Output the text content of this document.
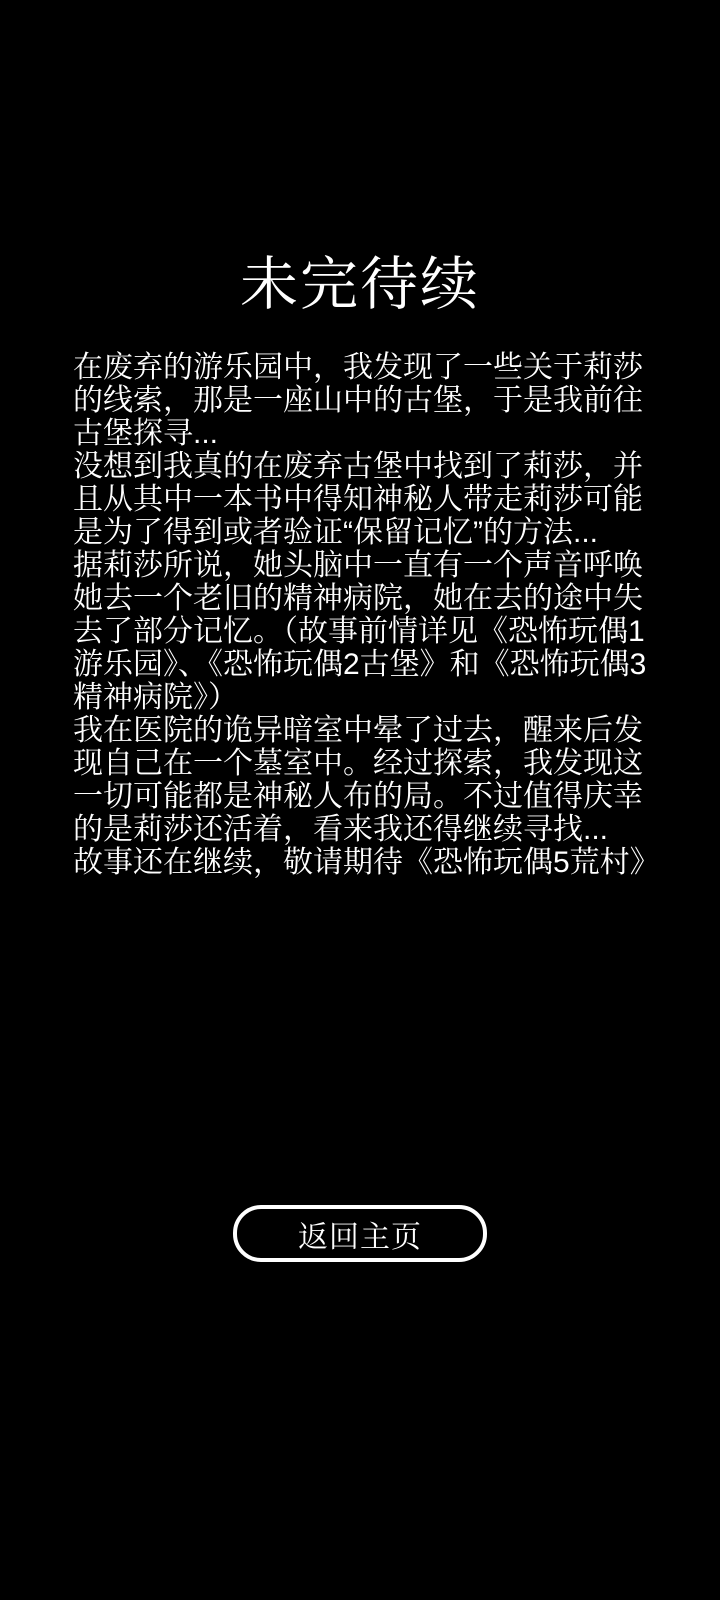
未完待续

在废弃的游乐园中，我发现了一些关于莉莎的线索，那是一座山中的古堡，于是我前往古堡探寻...

没想到我真的在废弃古堡中找到了莉莎，并且从其中一本书中得知神秘人带走莉莎可能是为了得到或者验证“保留记忆”的方法...

据莉莎所说，她头脑中一直有一个声音呼唤她去一个老旧的精神病院，她在去的途中失去了部分记忆。（故事前情详见《恐怖玩偶1游乐园》、《恐怖玩偶2古堡》和《恐怖玩偶3精神病院》）

我在医院的诡异暗室中晕了过去，醒来后发现自己在一个墓室中。经过探索，我发现这一切可能都是神秘人布的局。不过值得庆幸的是莉莎还活着，看来我还得继续寻找...

故事还在继续，敬请期待《恐怖玩偶5荒村》

返回主页
